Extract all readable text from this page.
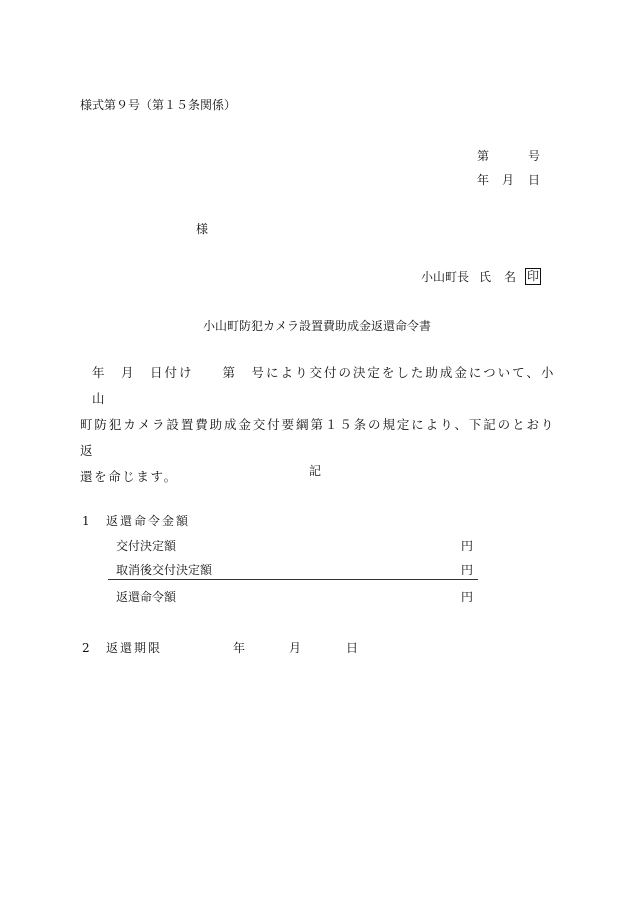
様式第９号（第１５条関係）
第	号
年 月 日
様
小山町長 氏 名 印
小山町防犯カメラ設置費助成金返還命令書
年　月　日付け　　第　号により交付の決定をした助成金について、小山
町防犯カメラ設置費助成金交付要綱第１５条の規定により、下記のとおり返
還を命じます。	記
1 返還命令金額
交付決定額	円
取消後交付決定額	円
返還命令額	円
2 返還期限	年	月	日
